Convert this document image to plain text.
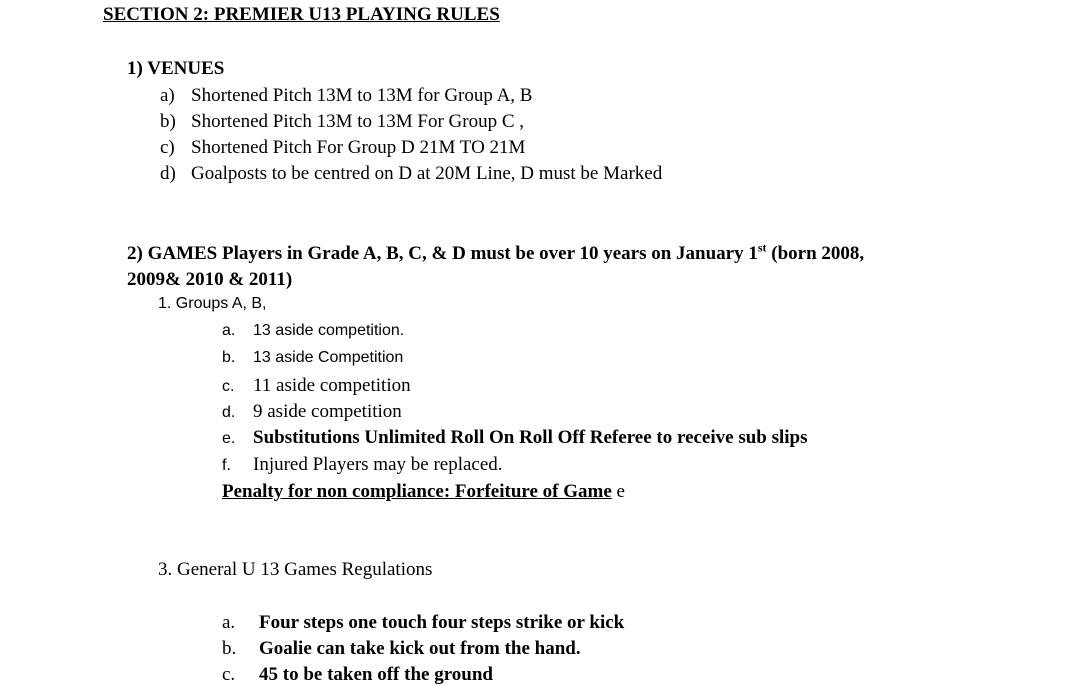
SECTION 2: PREMIER U13 PLAYING RULES
1) VENUES
a) Shortened Pitch 13M to 13M for Group A, B
b) Shortened Pitch 13M to 13M For Group C ,
c) Shortened Pitch For Group D 21M TO 21M
d) Goalposts to be centred on D at 20M Line, D must be Marked
2) GAMES Players in Grade A, B, C, & D must be over 10 years on January 1st (born 2008,
2009& 2010 & 2011)
1. Groups A, B,
a. 13 aside competition.
b. 13 aside Competition
c. 11 aside competition
d. 9 aside competition
e. Substitutions Unlimited Roll On Roll Off Referee to receive sub slips
f. Injured Players may be replaced.
Penalty for non compliance: Forfeiture of Game e
3. General U 13 Games Regulations
a. Four steps one touch four steps strike or kick
b. Goalie can take kick out from the hand.
c. 45 to be taken off the ground
